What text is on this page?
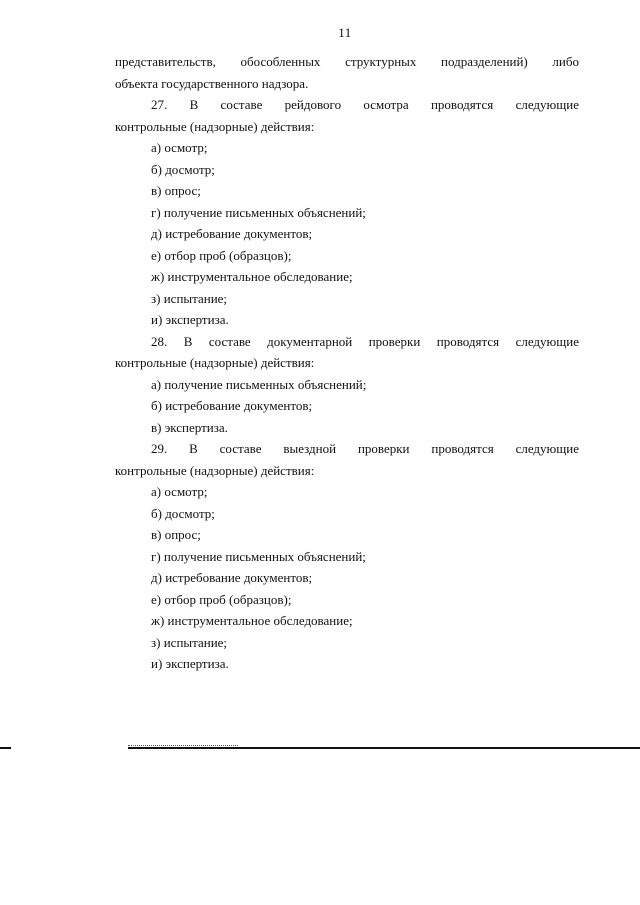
11
представительств, обособленных структурных подразделений) либо
объекта государственного надзора.
27. В составе рейдового осмотра проводятся следующие
контрольные (надзорные) действия:
а) осмотр;
б) досмотр;
в) опрос;
г) получение письменных объяснений;
д) истребование документов;
е) отбор проб (образцов);
ж) инструментальное обследование;
з) испытание;
и) экспертиза.
28. В составе документарной проверки проводятся следующие
контрольные (надзорные) действия:
а) получение письменных объяснений;
б) истребование документов;
в) экспертиза.
29. В составе выездной проверки проводятся следующие
контрольные (надзорные) действия:
а) осмотр;
б) досмотр;
в) опрос;
г) получение письменных объяснений;
д) истребование документов;
е) отбор проб (образцов);
ж) инструментальное обследование;
з) испытание;
и) экспертиза.
